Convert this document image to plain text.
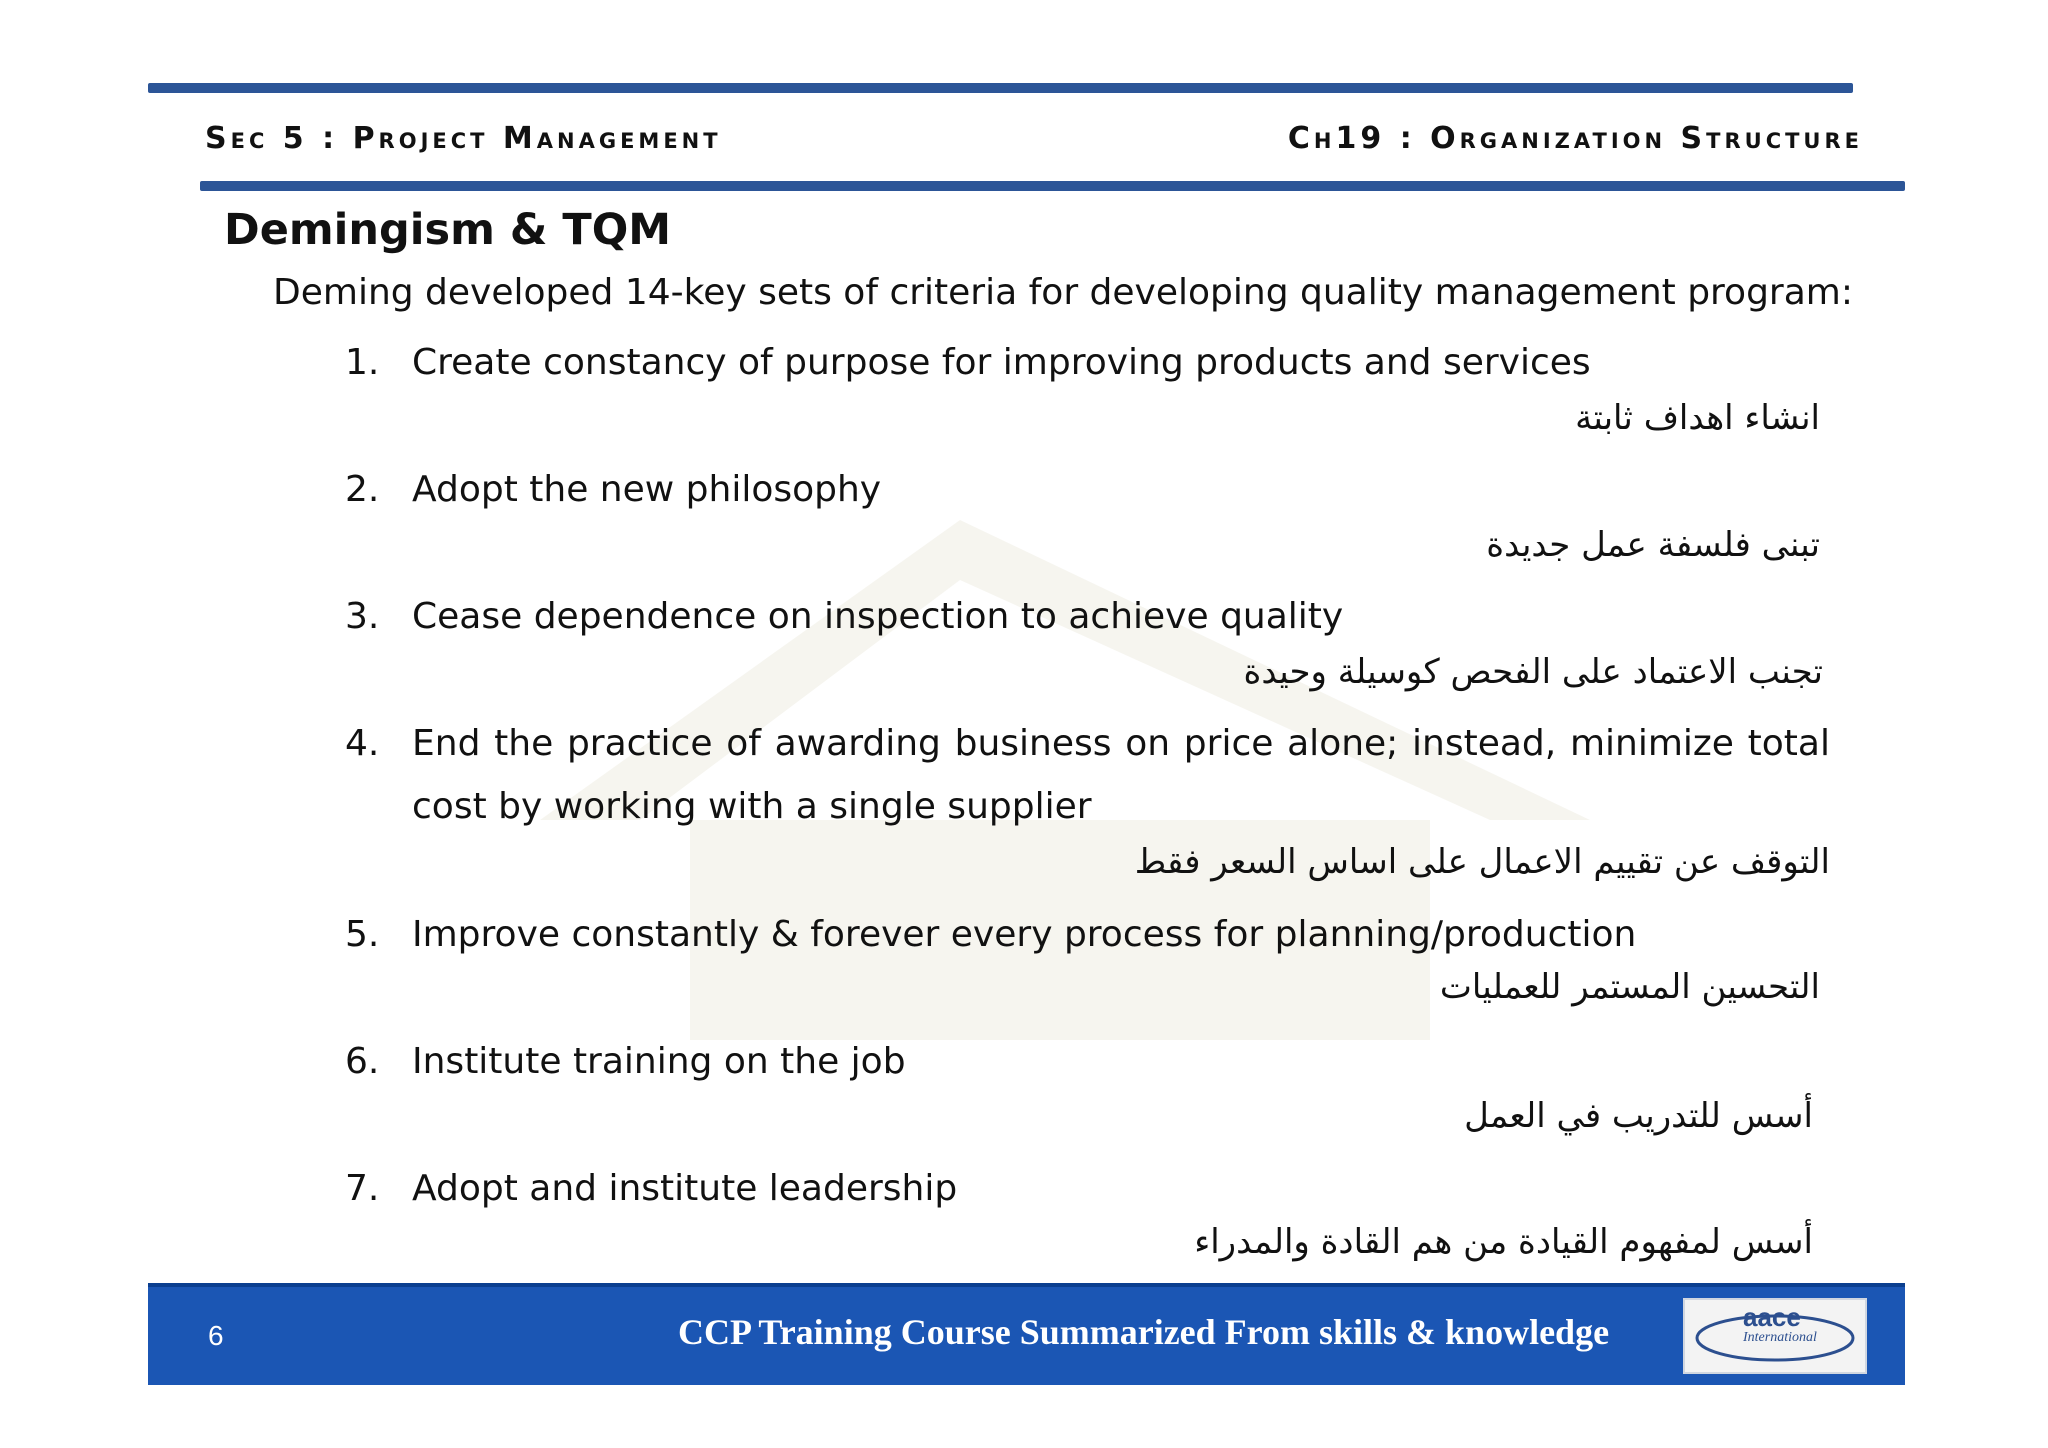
Sec 5 : Project Management	Ch19 : Organization Structure
Demingism & TQM
Deming developed 14-key sets of criteria for developing quality management program:
1. Create constancy of purpose for improving products and services
انشاء اهداف ثابتة
2. Adopt the new philosophy
تبنى فلسفة عمل جديدة
3. Cease dependence on inspection to achieve quality
تجنب الاعتماد على الفحص كوسيلة وحيدة
4. End the practice of awarding business on price alone; instead, minimize total cost by working with a single supplier
التوقف عن تقييم الاعمال على اساس السعر فقط
5. Improve constantly & forever every process for planning/production
التحسين المستمر للعمليات
6. Institute training on the job
أسس للتدريب في العمل
7. Adopt and institute leadership
أسس لمفهوم القيادة من هم القادة والمدراء
6	CCP Training Course Summarized From skills & knowledge	aace
International
